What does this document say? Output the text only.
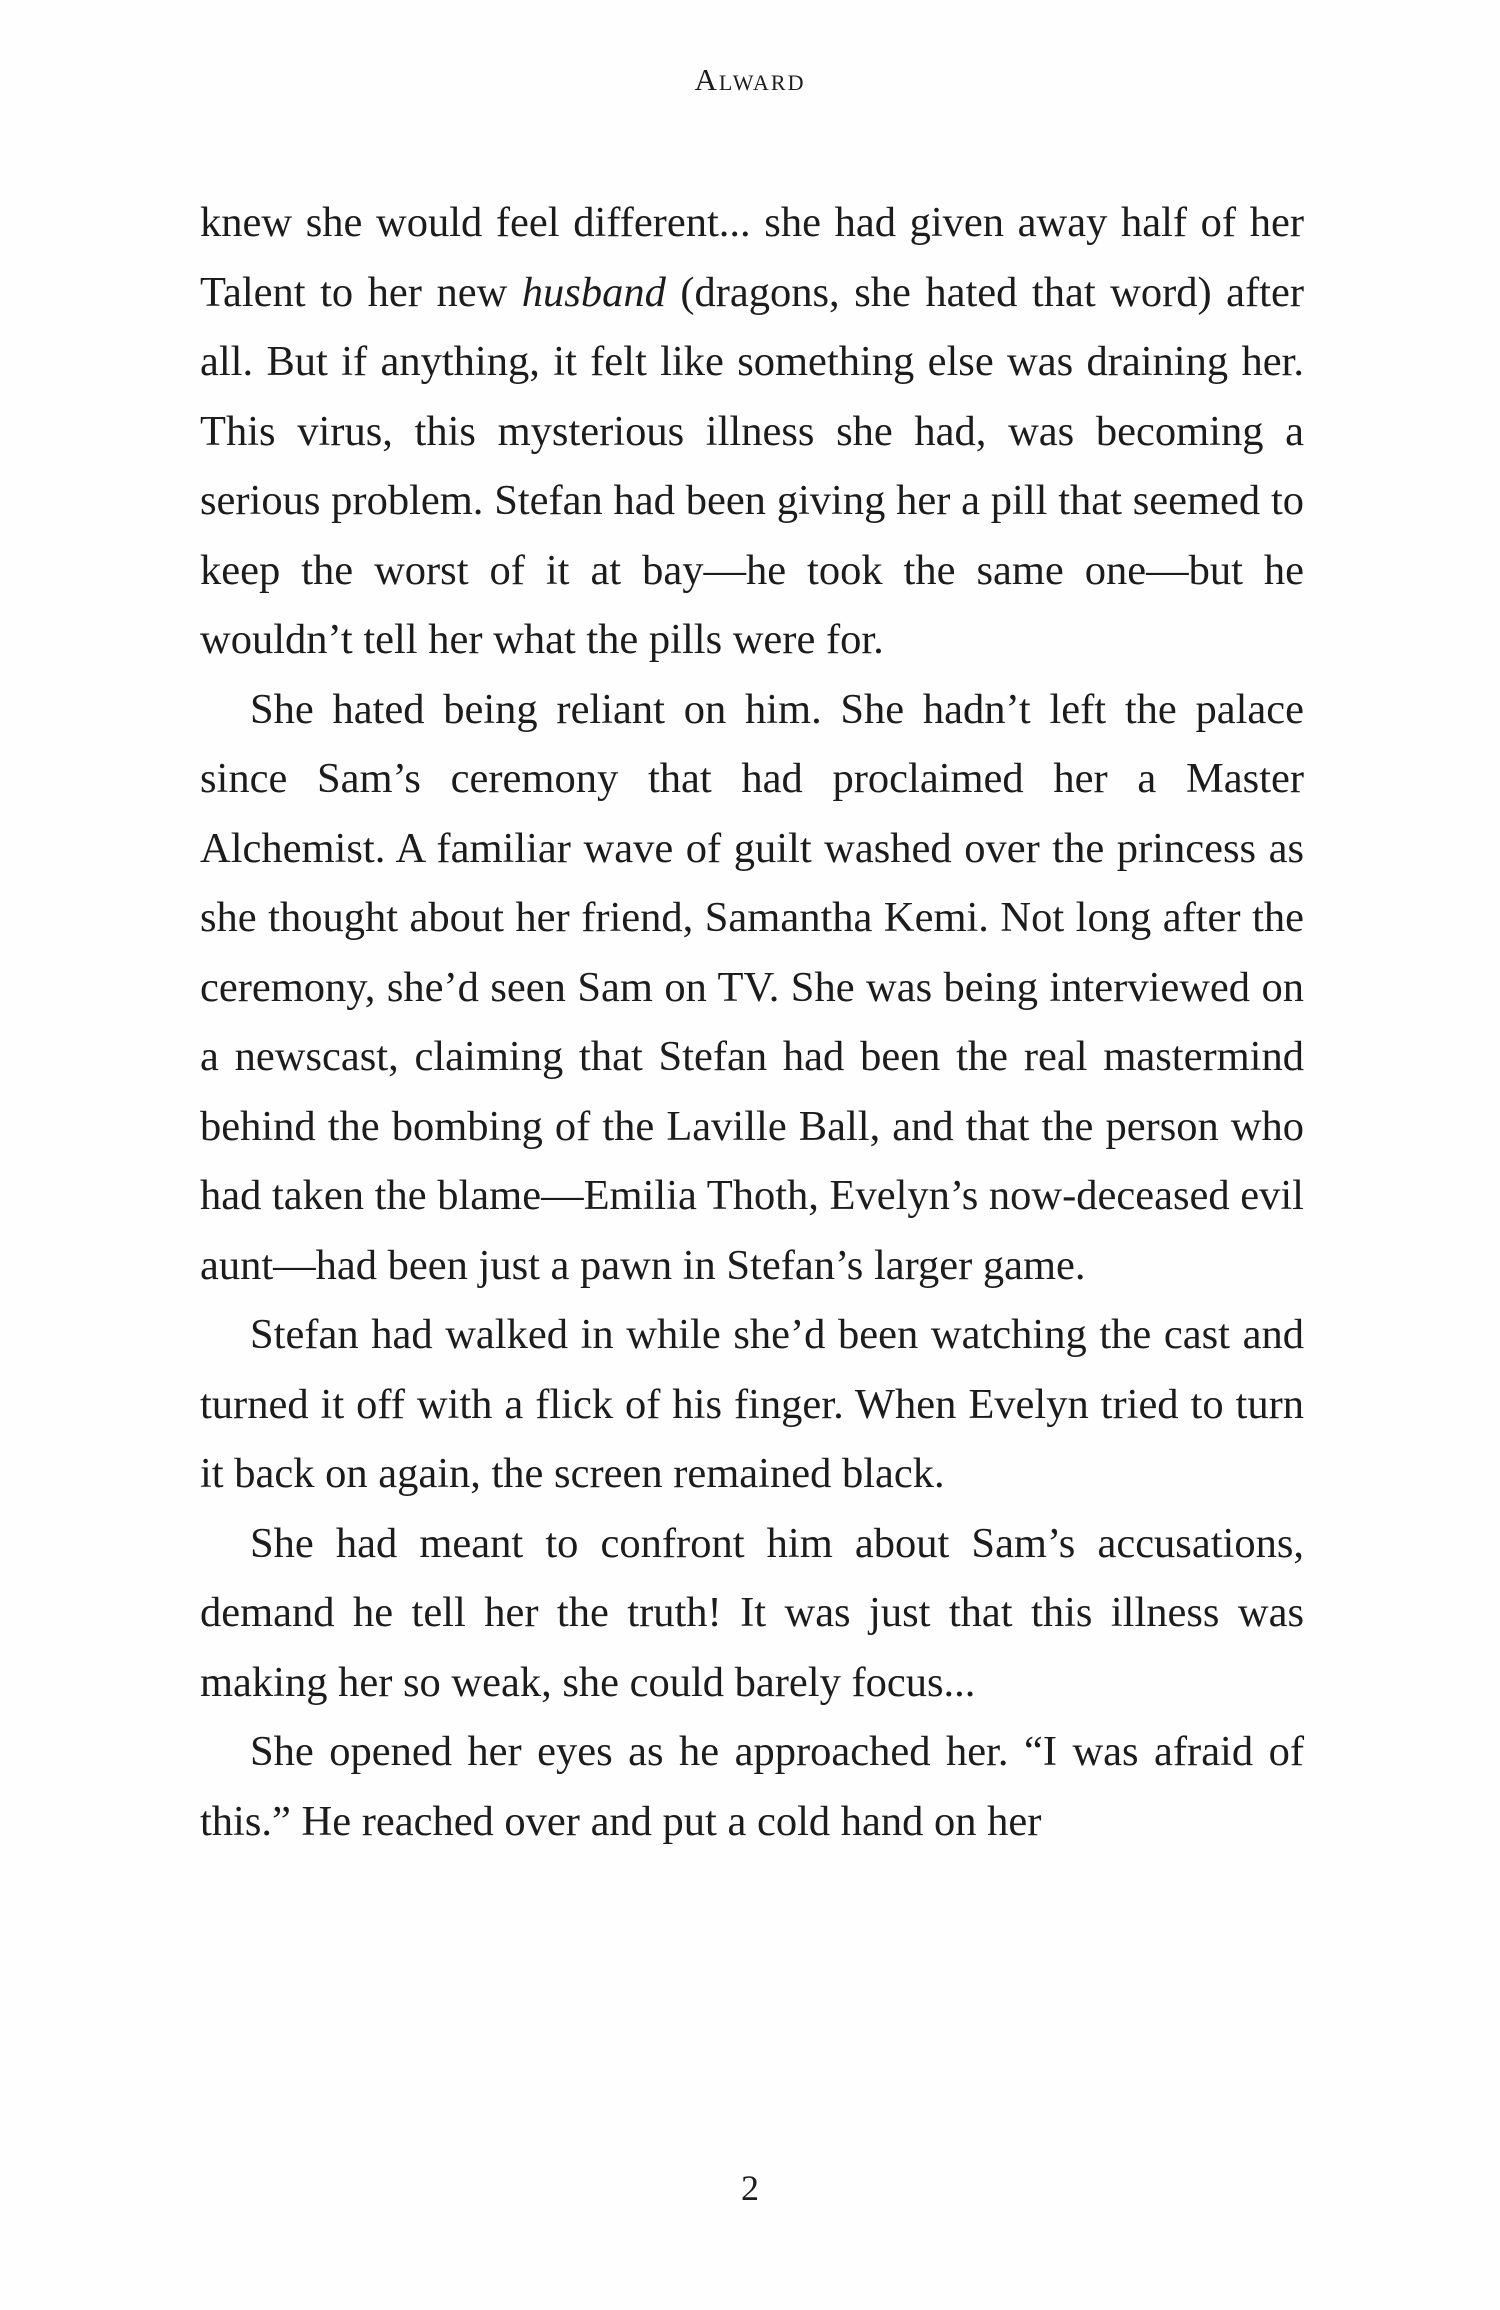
Alward

knew she would feel different... she had given away half of her Talent to her new husband (dragons, she hated that word) after all. But if anything, it felt like something else was draining her. This virus, this mysterious illness she had, was becoming a serious problem. Stefan had been giving her a pill that seemed to keep the worst of it at bay—he took the same one—but he wouldn’t tell her what the pills were for.

She hated being reliant on him. She hadn’t left the palace since Sam’s ceremony that had proclaimed her a Master Alchemist. A familiar wave of guilt washed over the princess as she thought about her friend, Samantha Kemi. Not long after the ceremony, she’d seen Sam on TV. She was being interviewed on a newscast, claiming that Stefan had been the real mastermind behind the bombing of the Laville Ball, and that the person who had taken the blame—Emilia Thoth, Evelyn’s now-deceased evil aunt—had been just a pawn in Stefan’s larger game.

Stefan had walked in while she’d been watching the cast and turned it off with a flick of his finger. When Evelyn tried to turn it back on again, the screen remained black.

She had meant to confront him about Sam’s accusations, demand he tell her the truth! It was just that this illness was making her so weak, she could barely focus...

She opened her eyes as he approached her. “I was afraid of this.” He reached over and put a cold hand on her

2
